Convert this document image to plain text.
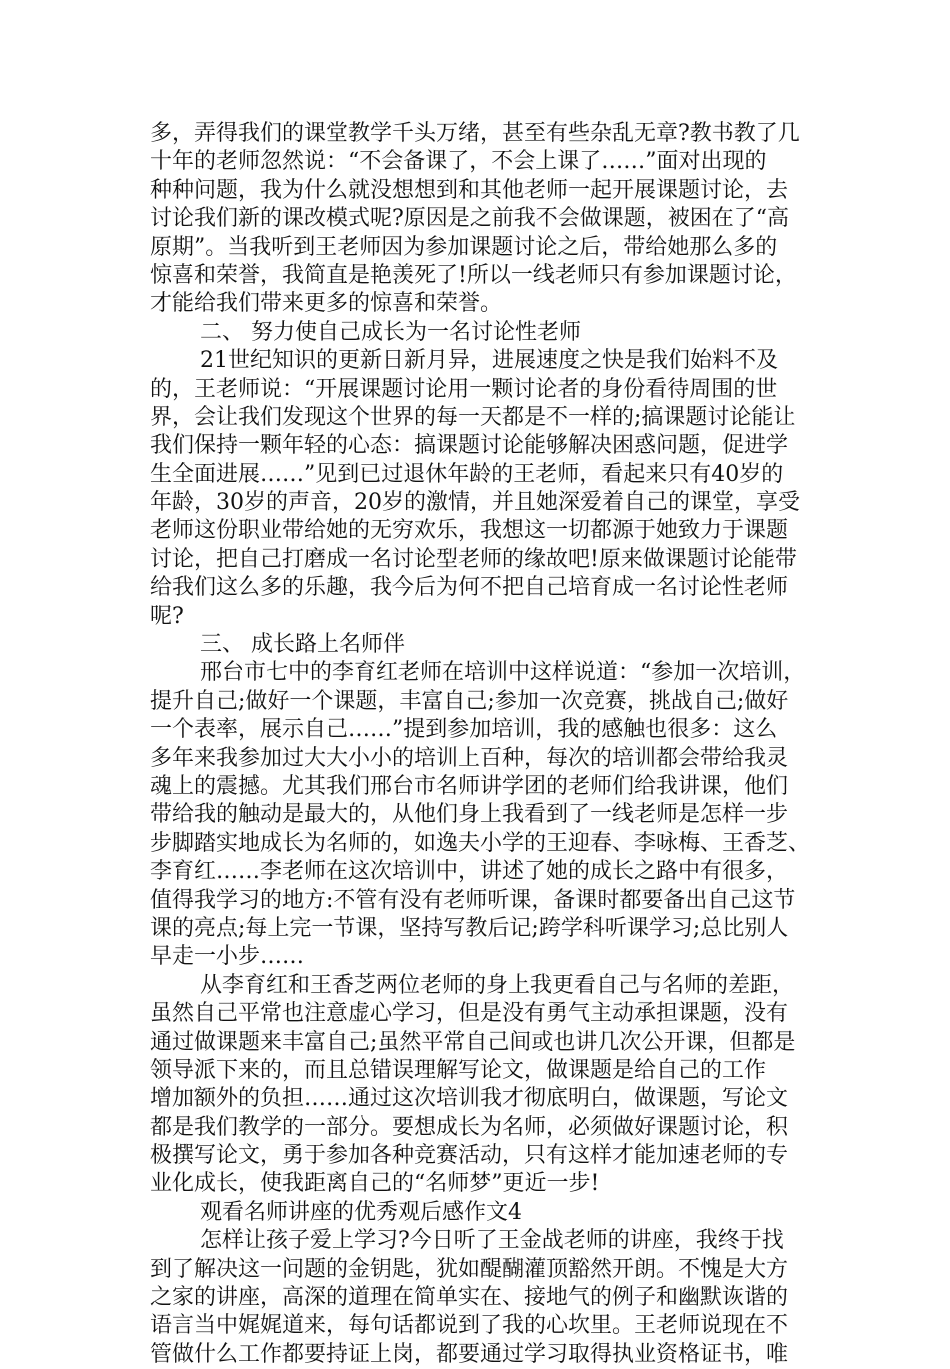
多，弄得我们的课堂教学千头万绪，甚至有些杂乱无章?教书教了几
十年的老师忽然说：“不会备课了，不会上课了……”面对出现的
种种问题，我为什么就没想想到和其他老师一起开展课题讨论，去
讨论我们新的课改模式呢?原因是之前我不会做课题，被困在了“高
原期”。当我听到王老师因为参加课题讨论之后，带给她那么多的
惊喜和荣誉，我简直是艳羡死了!所以一线老师只有参加课题讨论，
才能给我们带来更多的惊喜和荣誉。
二、 努力使自己成长为一名讨论性老师
21世纪知识的更新日新月异，进展速度之快是我们始料不及
的，王老师说：“开展课题讨论用一颗讨论者的身份看待周围的世
界，会让我们发现这个世界的每一天都是不一样的;搞课题讨论能让
我们保持一颗年轻的心态：搞课题讨论能够解决困惑问题，促进学
生全面进展……”见到已过退休年龄的王老师，看起来只有40岁的
年龄，30岁的声音，20岁的激情，并且她深爱着自己的课堂，享受
老师这份职业带给她的无穷欢乐，我想这一切都源于她致力于课题
讨论，把自己打磨成一名讨论型老师的缘故吧!原来做课题讨论能带
给我们这么多的乐趣，我今后为何不把自己培育成一名讨论性老师
呢?
三、 成长路上名师伴
邢台市七中的李育红老师在培训中这样说道：“参加一次培训，
提升自己;做好一个课题，丰富自己;参加一次竞赛，挑战自己;做好
一个表率，展示自己……”提到参加培训，我的感触也很多：这么
多年来我参加过大大小小的培训上百种，每次的培训都会带给我灵
魂上的震撼。尤其我们邢台市名师讲学团的老师们给我讲课，他们
带给我的触动是最大的，从他们身上我看到了一线老师是怎样一步
步脚踏实地成长为名师的，如逸夫小学的王迎春、李咏梅、王香芝、
李育红……李老师在这次培训中，讲述了她的成长之路中有很多，
值得我学习的地方:不管有没有老师听课，备课时都要备出自己这节
课的亮点;每上完一节课，坚持写教后记;跨学科听课学习;总比别人
早走一小步……
从李育红和王香芝两位老师的身上我更看自己与名师的差距，
虽然自己平常也注意虚心学习，但是没有勇气主动承担课题，没有
通过做课题来丰富自己;虽然平常自己间或也讲几次公开课，但都是
领导派下来的，而且总错误理解写论文，做课题是给自己的工作
增加额外的负担……通过这次培训我才彻底明白，做课题，写论文
都是我们教学的一部分。要想成长为名师，必须做好课题讨论，积
极撰写论文，勇于参加各种竞赛活动，只有这样才能加速老师的专
业化成长，使我距离自己的“名师梦”更近一步!
观看名师讲座的优秀观后感作文4
怎样让孩子爱上学习?今日听了王金战老师的讲座，我终于找
到了解决这一问题的金钥匙，犹如醍醐灌顶豁然开朗。不愧是大方
之家的讲座，高深的道理在简单实在、接地气的例子和幽默诙谐的
语言当中娓娓道来，每句话都说到了我的心坎里。王老师说现在不
管做什么工作都要持证上岗，都要通过学习取得执业资格证书，唯
